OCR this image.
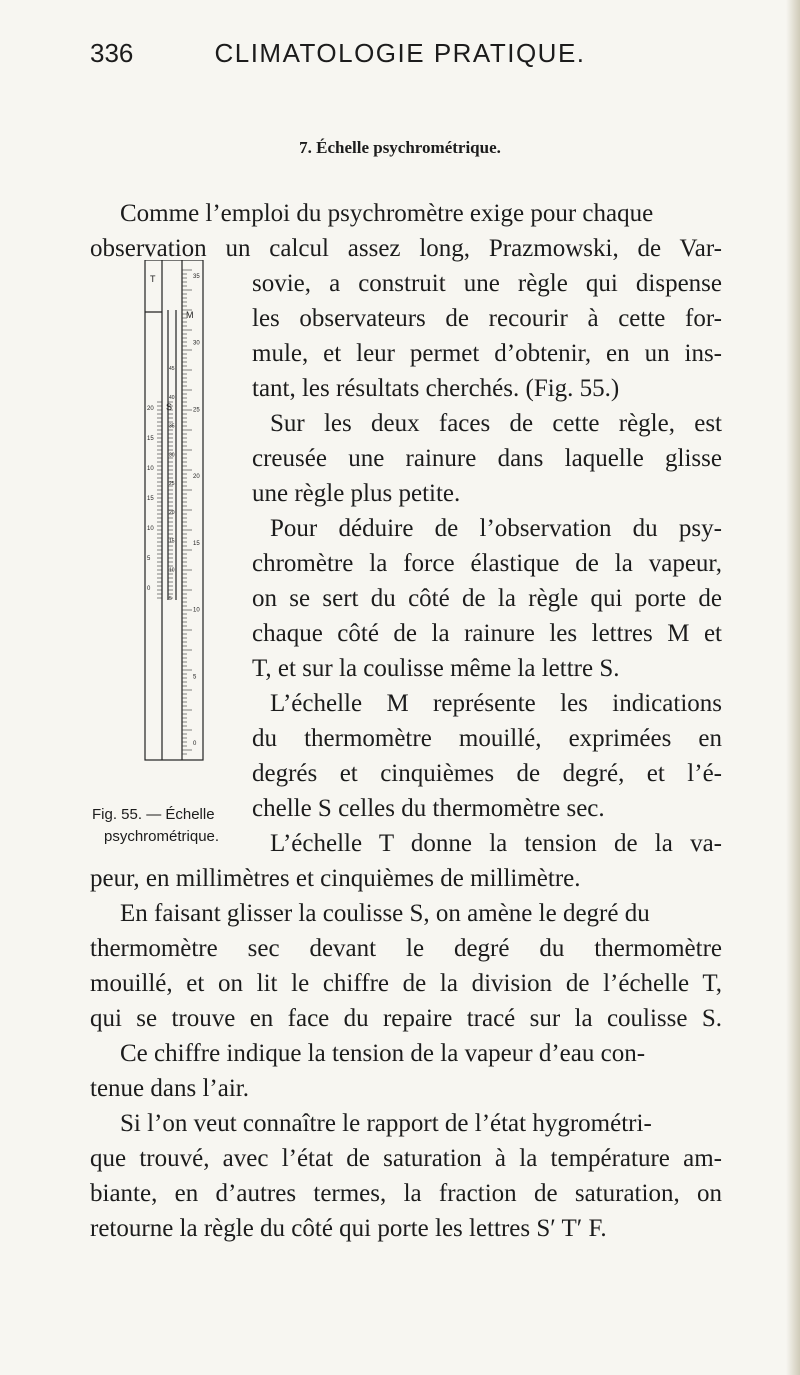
336	CLIMATOLOGIE PRATIQUE.
7. Échelle psychrométrique.
Comme l’emploi du psychromètre exige pour chaque
observation un calcul assez long, Prazmowski, de Var-
sovie, a construit une règle qui dispense
les observateurs de recourir à cette for-
mule, et leur permet d’obtenir, en un ins-
tant, les résultats cherchés. (Fig. 55.)
Sur les deux faces de cette règle, est
creusée une rainure dans laquelle glisse
une règle plus petite.
Pour déduire de l’observation du psy-
chromètre la force élastique de la vapeur,
on se sert du côté de la règle qui porte de
chaque côté de la rainure les lettres M et
T, et sur la coulisse même la lettre S.
L’échelle M représente les indications
du thermomètre mouillé, exprimées en
degrés et cinquièmes de degré, et l’é-
chelle S celles du thermomètre sec.
L’échelle T donne la tension de la va-
peur, en millimètres et cinquièmes de millimètre.
En faisant glisser la coulisse S, on amène le degré du
thermomètre sec devant le degré du thermomètre
mouillé, et on lit le chiffre de la division de l’échelle T,
qui se trouve en face du repaire tracé sur la coulisse S.
Ce chiffre indique la tension de la vapeur d’eau con-
tenue dans l’air.
Si l’on veut connaître le rapport de l’état hygrométri-
que trouvé, avec l’état de saturation à la température am-
biante, en d’autres termes, la fraction de saturation, on
retourne la règle du côté qui porte les lettres S′ T′ F.
T
M
S
35
30
25
20
15
10
5
0
20
15
10
15
10
5
0
45
40
35
30
25
20
15
10
5
Fig. 55. — Échelle
psychrométrique.
